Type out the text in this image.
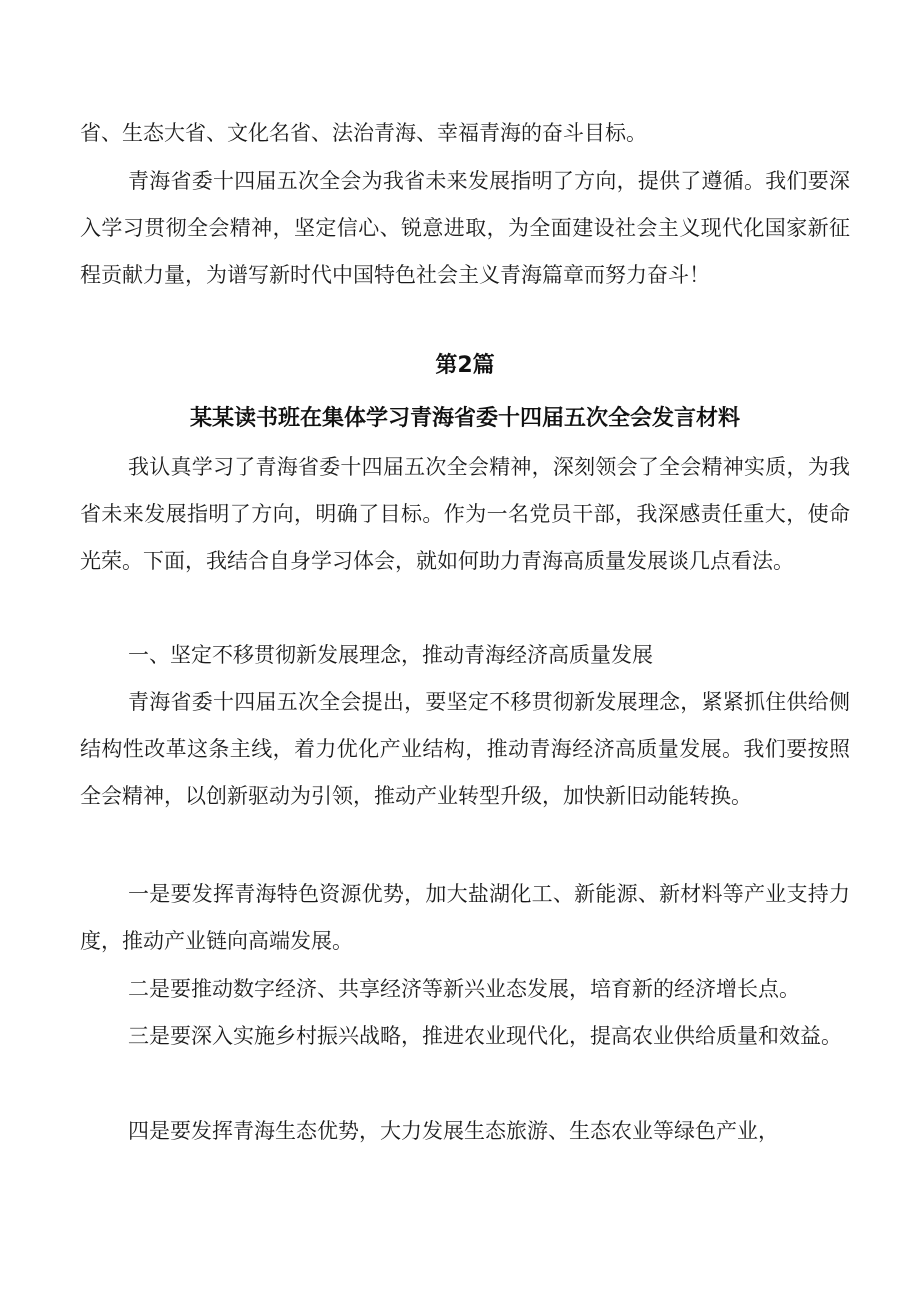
省、生态大省、文化名省、法治青海、幸福青海的奋斗目标。

青海省委十四届五次全会为我省未来发展指明了方向，提供了遵循。我们要深入学习贯彻全会精神，坚定信心、锐意进取，为全面建设社会主义现代化国家新征程贡献力量，为谱写新时代中国特色社会主义青海篇章而努力奋斗！

第2篇
某某读书班在集体学习青海省委十四届五次全会发言材料

我认真学习了青海省委十四届五次全会精神，深刻领会了全会精神实质，为我省未来发展指明了方向，明确了目标。作为一名党员干部，我深感责任重大，使命光荣。下面，我结合自身学习体会，就如何助力青海高质量发展谈几点看法。

一、坚定不移贯彻新发展理念，推动青海经济高质量发展

青海省委十四届五次全会提出，要坚定不移贯彻新发展理念，紧紧抓住供给侧结构性改革这条主线，着力优化产业结构，推动青海经济高质量发展。我们要按照全会精神，以创新驱动为引领，推动产业转型升级，加快新旧动能转换。

一是要发挥青海特色资源优势，加大盐湖化工、新能源、新材料等产业支持力度，推动产业链向高端发展。

二是要推动数字经济、共享经济等新兴业态发展，培育新的经济增长点。

三是要深入实施乡村振兴战略，推进农业现代化，提高农业供给质量和效益。

四是要发挥青海生态优势，大力发展生态旅游、生态农业等绿色产业，
